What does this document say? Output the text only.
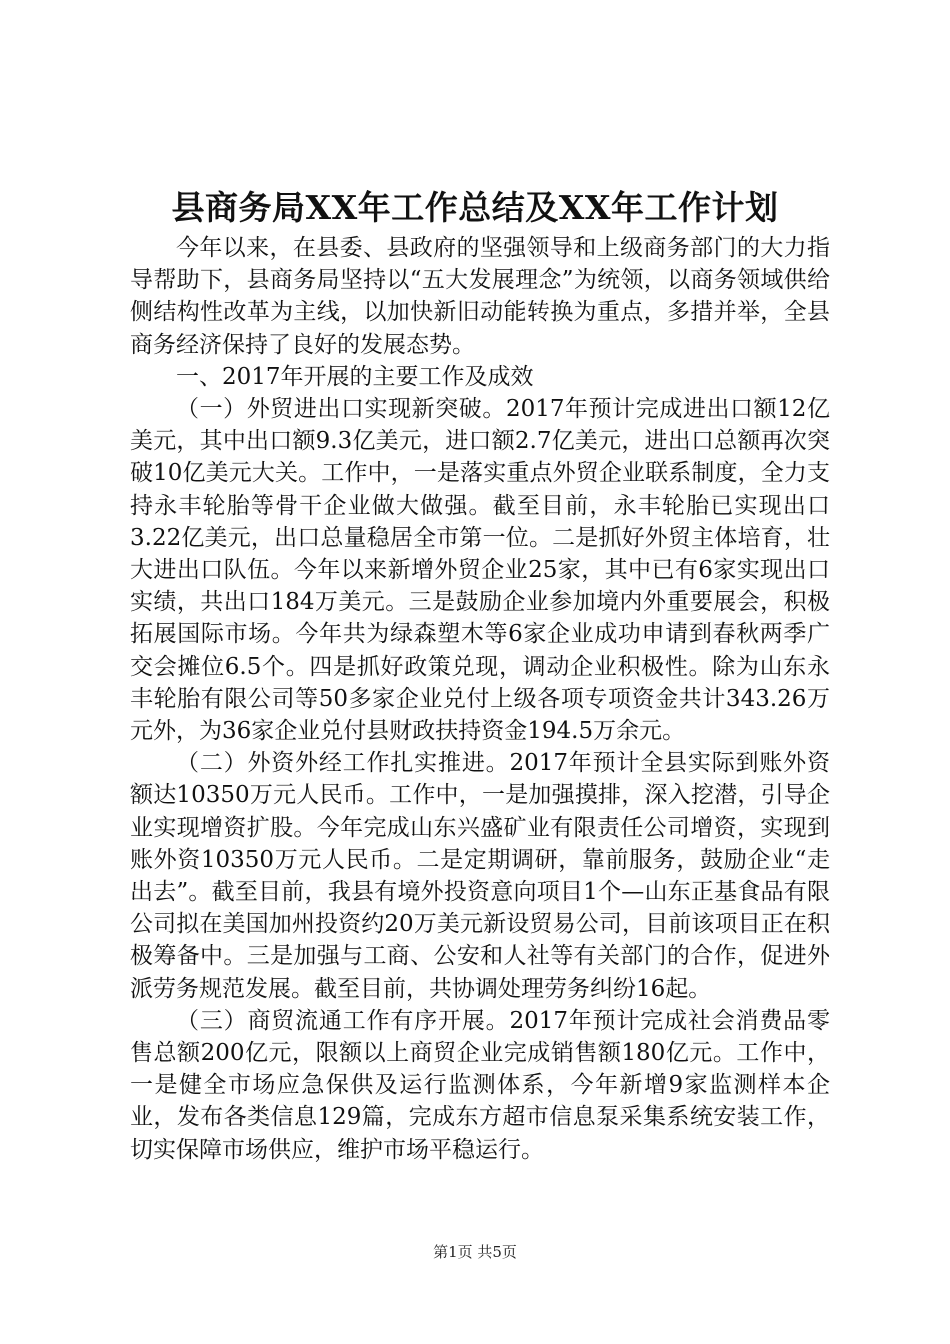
县商务局XX年工作总结及XX年工作计划

今年以来，在县委、县政府的坚强领导和上级商务部门的大力指导帮助下，县商务局坚持以“五大发展理念”为统领，以商务领域供给侧结构性改革为主线，以加快新旧动能转换为重点，多措并举，全县商务经济保持了良好的发展态势。

一、2017年开展的主要工作及成效

（一）外贸进出口实现新突破。2017年预计完成进出口额12亿美元，其中出口额9.3亿美元，进口额2.7亿美元，进出口总额再次突破10亿美元大关。工作中，一是落实重点外贸企业联系制度，全力支持永丰轮胎等骨干企业做大做强。截至目前，永丰轮胎已实现出口3.22亿美元，出口总量稳居全市第一位。二是抓好外贸主体培育，壮大进出口队伍。今年以来新增外贸企业25家，其中已有6家实现出口实绩，共出口184万美元。三是鼓励企业参加境内外重要展会，积极拓展国际市场。今年共为绿森塑木等6家企业成功申请到春秋两季广交会摊位6.5个。四是抓好政策兑现，调动企业积极性。除为山东永丰轮胎有限公司等50多家企业兑付上级各项专项资金共计343.26万元外，为36家企业兑付县财政扶持资金194.5万余元。

（二）外资外经工作扎实推进。2017年预计全县实际到账外资额达10350万元人民币。工作中，一是加强摸排，深入挖潜，引导企业实现增资扩股。今年完成山东兴盛矿业有限责任公司增资，实现到账外资10350万元人民币。二是定期调研，靠前服务，鼓励企业“走出去”。截至目前，我县有境外投资意向项目1个—山东正基食品有限公司拟在美国加州投资约20万美元新设贸易公司，目前该项目正在积极筹备中。三是加强与工商、公安和人社等有关部门的合作，促进外派劳务规范发展。截至目前，共协调处理劳务纠纷16起。

（三）商贸流通工作有序开展。2017年预计完成社会消费品零售总额200亿元，限额以上商贸企业完成销售额180亿元。工作中，一是健全市场应急保供及运行监测体系，今年新增9家监测样本企业，发布各类信息129篇，完成东方超市信息泵采集系统安装工作，切实保障市场供应，维护市场平稳运行。

第1页 共5页
